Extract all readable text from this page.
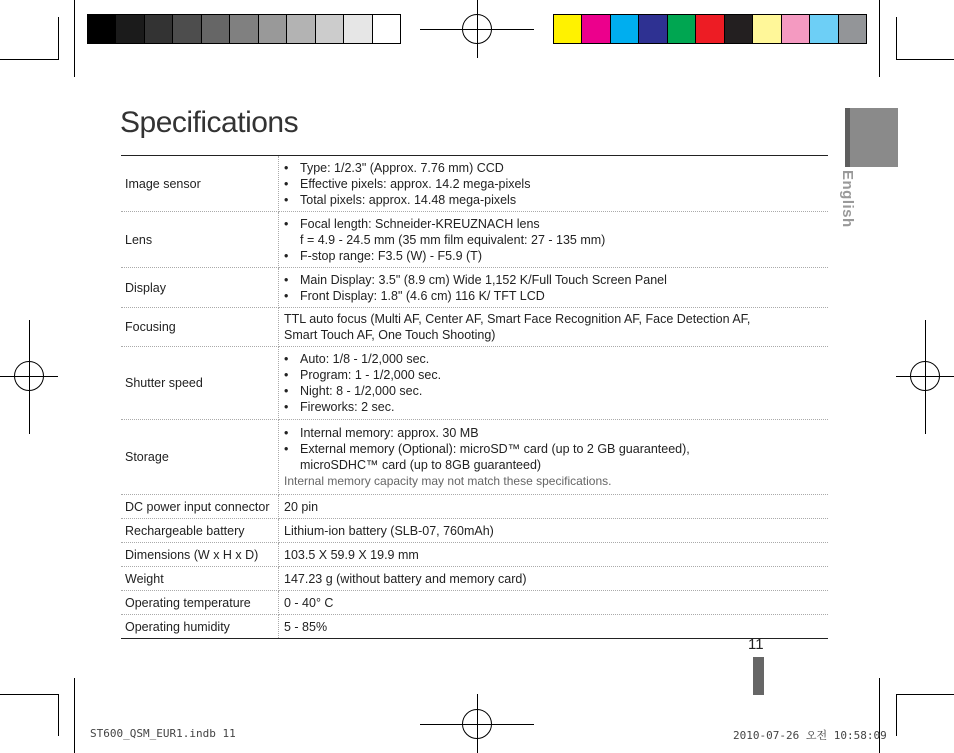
Specifications
English
Image sensor	• Type: 1/2.3" (Approx. 7.76 mm) CCD
• Effective pixels: approx. 14.2 mega-pixels
• Total pixels: approx. 14.48 mega-pixels

Lens	• Focal length: Schneider-KREUZNACH lens
f = 4.9 - 24.5 mm (35 mm film equivalent: 27 - 135 mm)
• F-stop range: F3.5 (W) - F5.9 (T)

Display	• Main Display: 3.5" (8.9 cm) Wide 1,152 K/Full Touch Screen Panel
• Front Display: 1.8" (4.6 cm) 116 K/ TFT LCD

Focusing	TTL auto focus (Multi AF, Center AF, Smart Face Recognition AF, Face Detection AF,
Smart Touch AF, One Touch Shooting)

Shutter speed	• Auto: 1/8 - 1/2,000 sec.
• Program: 1 - 1/2,000 sec.
• Night: 8 - 1/2,000 sec.
• Fireworks: 2 sec.

Storage	• Internal memory: approx. 30 MB
• External memory (Optional): microSD™ card (up to 2 GB guaranteed),
microSDHC™ card (up to 8GB guaranteed)
Internal memory capacity may not match these specifications.

DC power input connector	20 pin

Rechargeable battery	Lithium-ion battery (SLB-07, 760mAh)

Dimensions (W x H x D)	103.5 X 59.9 X 19.9 mm

Weight	147.23 g (without battery and memory card)

Operating temperature	0 - 40° C

Operating humidity	5 - 85%
11
ST600_QSM_EUR1.indb 11	2010-07-26 오전 10:58:09
